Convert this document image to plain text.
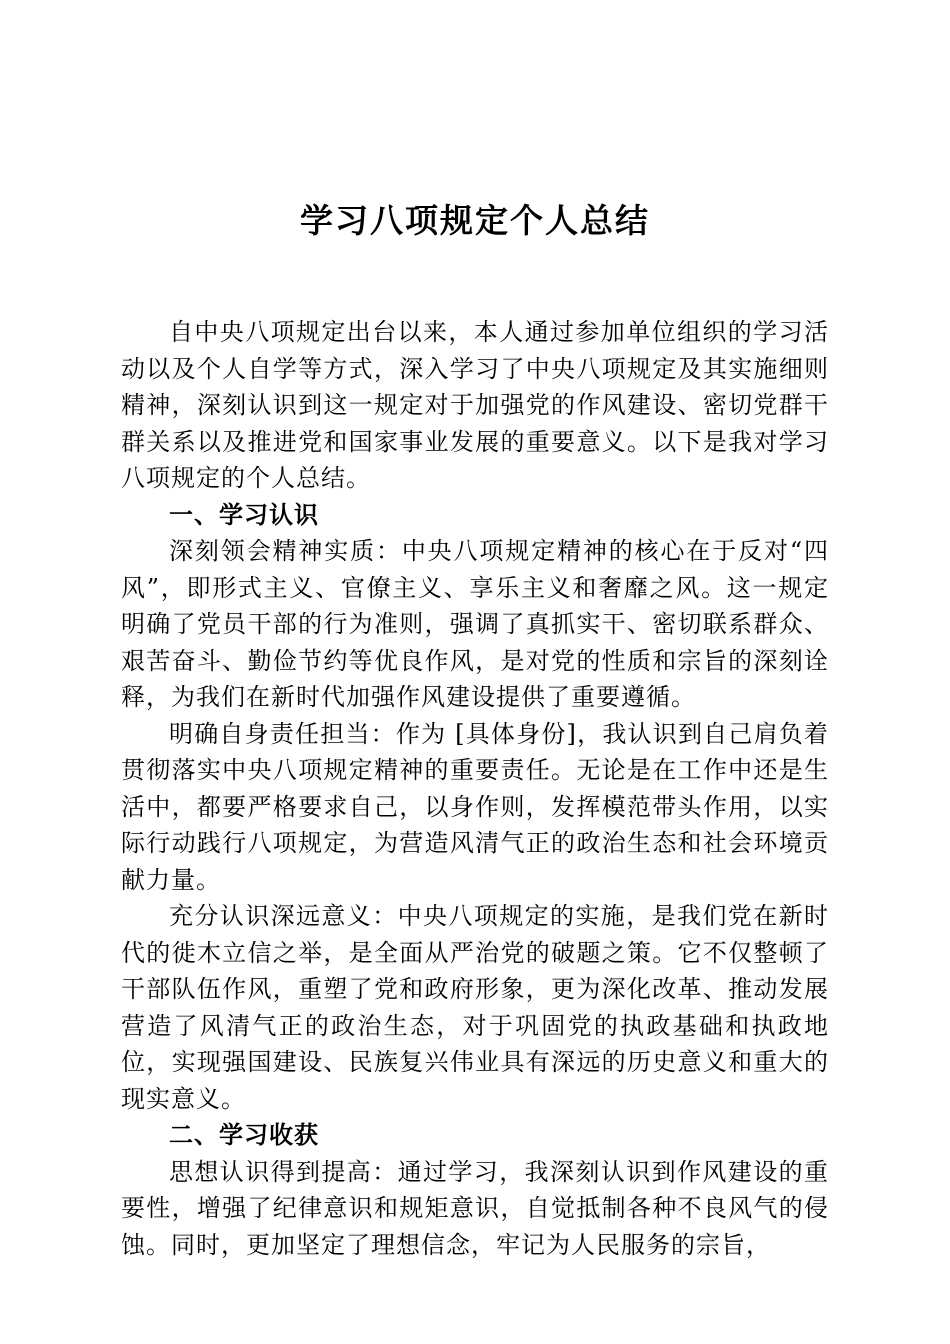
学习八项规定个人总结

自中央八项规定出台以来，本人通过参加单位组织的学习活动以及个人自学等方式，深入学习了中央八项规定及其实施细则精神，深刻认识到这一规定对于加强党的作风建设、密切党群干群关系以及推进党和国家事业发展的重要意义。以下是我对学习八项规定的个人总结。

一、学习认识

深刻领会精神实质：中央八项规定精神的核心在于反对“四风”，即形式主义、官僚主义、享乐主义和奢靡之风。这一规定明确了党员干部的行为准则，强调了真抓实干、密切联系群众、艰苦奋斗、勤俭节约等优良作风，是对党的性质和宗旨的深刻诠释，为我们在新时代加强作风建设提供了重要遵循。

明确自身责任担当：作为 [具体身份]，我认识到自己肩负着贯彻落实中央八项规定精神的重要责任。无论是在工作中还是生活中，都要严格要求自己，以身作则，发挥模范带头作用，以实际行动践行八项规定，为营造风清气正的政治生态和社会环境贡献力量。

充分认识深远意义：中央八项规定的实施，是我们党在新时代的徙木立信之举，是全面从严治党的破题之策。它不仅整顿了干部队伍作风，重塑了党和政府形象，更为深化改革、推动发展营造了风清气正的政治生态，对于巩固党的执政基础和执政地位，实现强国建设、民族复兴伟业具有深远的历史意义和重大的现实意义。

二、学习收获

思想认识得到提高：通过学习，我深刻认识到作风建设的重要性，增强了纪律意识和规矩意识，自觉抵制各种不良风气的侵蚀。同时，更加坚定了理想信念，牢记为人民服务的宗旨，
